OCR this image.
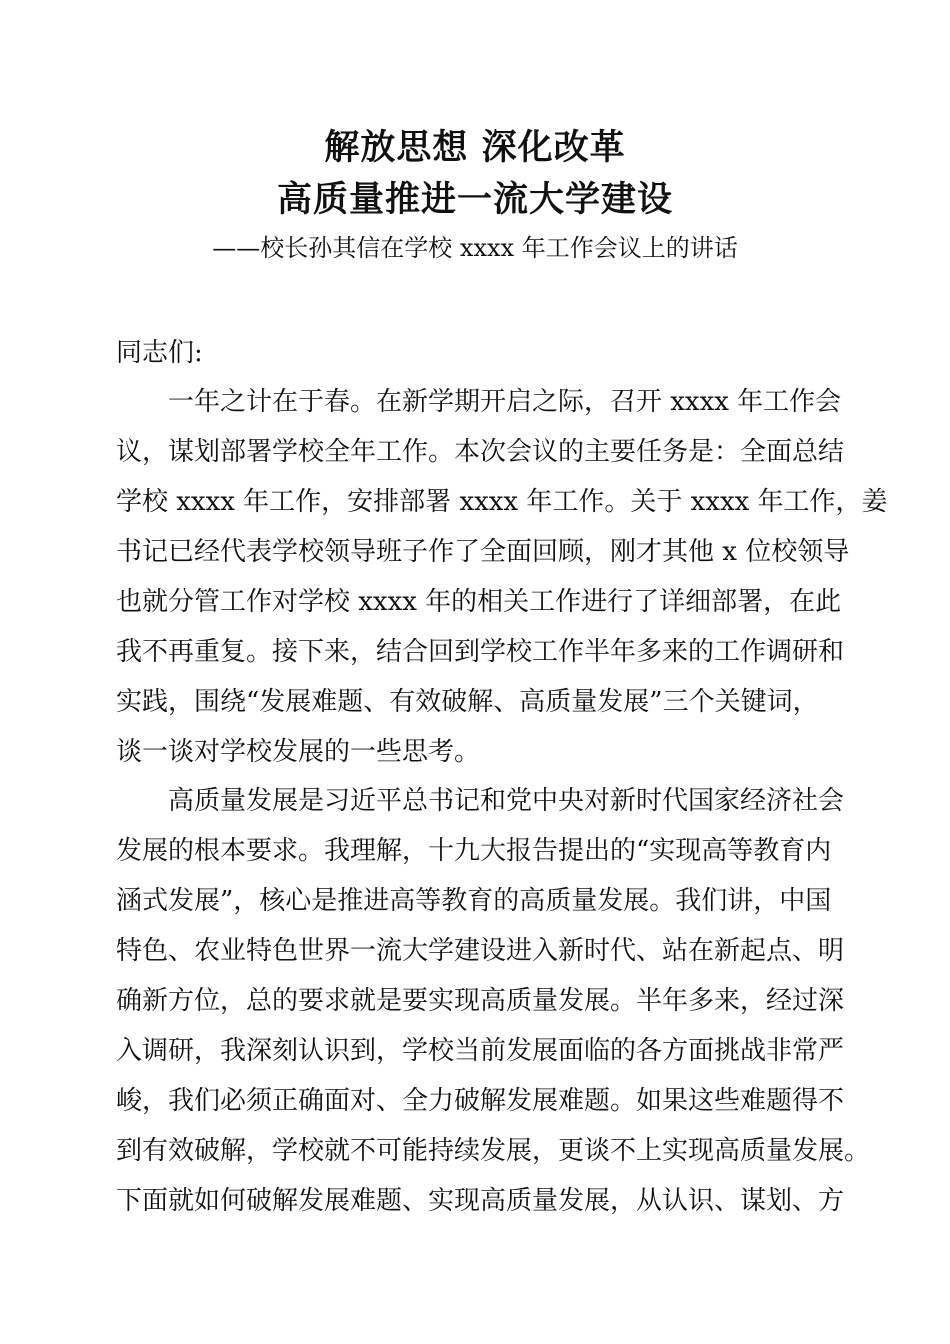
解放思想 深化改革
高质量推进一流大学建设
——校长孙其信在学校 xxxx 年工作会议上的讲话
同志们:
一年之计在于春。在新学期开启之际，召开 xxxx 年工作会
议，谋划部署学校全年工作。本次会议的主要任务是：全面总结
学校 xxxx 年工作，安排部署 xxxx 年工作。关于 xxxx 年工作，姜
书记已经代表学校领导班子作了全面回顾，刚才其他 x 位校领导
也就分管工作对学校 xxxx 年的相关工作进行了详细部署，在此
我不再重复。接下来，结合回到学校工作半年多来的工作调研和
实践，围绕“发展难题、有效破解、高质量发展”三个关键词，
谈一谈对学校发展的一些思考。
高质量发展是习近平总书记和党中央对新时代国家经济社会
发展的根本要求。我理解，十九大报告提出的“实现高等教育内
涵式发展”，核心是推进高等教育的高质量发展。我们讲，中国
特色、农业特色世界一流大学建设进入新时代、站在新起点、明
确新方位，总的要求就是要实现高质量发展。半年多来，经过深
入调研，我深刻认识到，学校当前发展面临的各方面挑战非常严
峻，我们必须正确面对、全力破解发展难题。如果这些难题得不
到有效破解，学校就不可能持续发展，更谈不上实现高质量发展。
下面就如何破解发展难题、实现高质量发展，从认识、谋划、方
